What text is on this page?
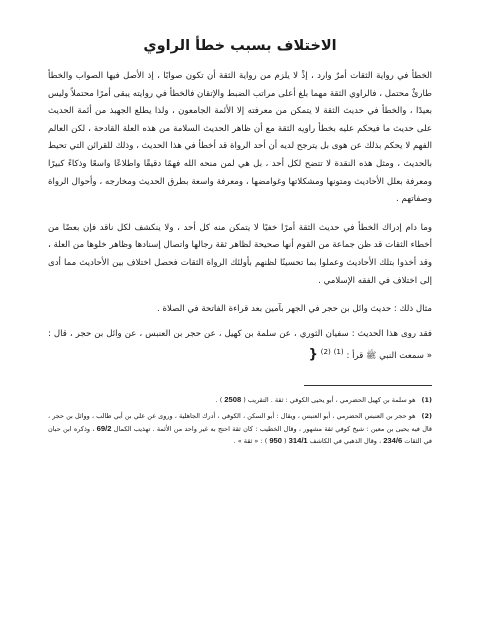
الاختلاف بسبب خطأ الراوي

الخطأ في رواية الثقات أمرٌ وارد ، إذْ لا يلزم من رواية الثقة أن تكون صوابًا ، إذ الأصل فيها الصواب والخطأ طارئٌ محتمل ، فالراوي الثقة مهما بلغ أعلى مراتب الضبط والإتقان فالخطأ في روايته يبقى أمرًا محتملاً وليس بعيدًا ، والخطأ في حديث الثقة لا يتمكن من معرفته إلا الأئمة الجامعون ، ولذا يطلع الجهبذ من أئمة الحديث على حديث ما فيحكم عليه بخطأ راويه الثقة مع أن ظاهر الحديث السلامة من هذه العلة القادحة ، لكن العالم الفهم لا يحكم بذلك عن هوى بل يترجح لديه أن أحد الرواة قد أخطأ في هذا الحديث ، وذلك للقرائن التي تحيط بالحديث ، ومثل هذه النقدة لا تتضح لكل أحد ، بل هي لمن منحه الله فهمًا دقيقًا واطلاعًا واسعًا وذكاءً كبيرًا ومعرفة بعلل الأحاديث ومتونها ومشكلاتها وغوامضها ، ومعرفة واسعة بطرق الحديث ومخارجه ، وأحوال الرواة وصفاتهم .

وما دام إدراك الخطأ في حديث الثقة أمرًا خفيًا لا يتمكن منه كل أحد ، ولا ينكشف لكل ناقد فإن بعضًا من أخطاء الثقات قد ظن جماعة من القوم أنها صحيحة لظاهر ثقة رجالها واتصال إسنادها وظاهر خلوها من العلة ، وقد أخذوا بتلك الأحاديث وعملوا بما تحسينًا لظنهم بأولئك الرواة الثقات فحصل اختلاف بين الأحاديث مما أدى إلى اختلاف في الفقه الإسلامي .

مثال ذلك : حديث وائل بن حجر في الجهر بآمين بعد قراءة الفاتحة في الصلاة .

فقد روى هذا الحديث : سفيان الثوري ، عن سلمة بن كهيل ، عن حجر بن العنبس ، عن وائل بن حجر ، قال : « سمعت النبي ﷺ قرأ : $^{(1)}$ $^{(2)}$ {

(1)هو سلمة بن كهيل الحضرمي ، أبو يحيى الكوفي : ثقة . التقريب ( 2508 ) .

(2)هو حجر بن العنبس الحضرمي ، أبو العنبس ، ويقال : أبو السكن ، الكوفي ، أدرك الجاهلية ، وروى عن علي بن أبي طالب ، ووائل بن حجر ، قال فيه يحيى بن معين : شيخ كوفي ثقة مشهور ، وقال الخطيب : كان ثقة احتج به غير واحد من الأئمة . تهذيب الكمال 69/2 ، وذكره ابن حبان في الثقات 234/6 ، وقال الذهبي في الكاشف 314/1 ( 950 ) : « ثقة » .
